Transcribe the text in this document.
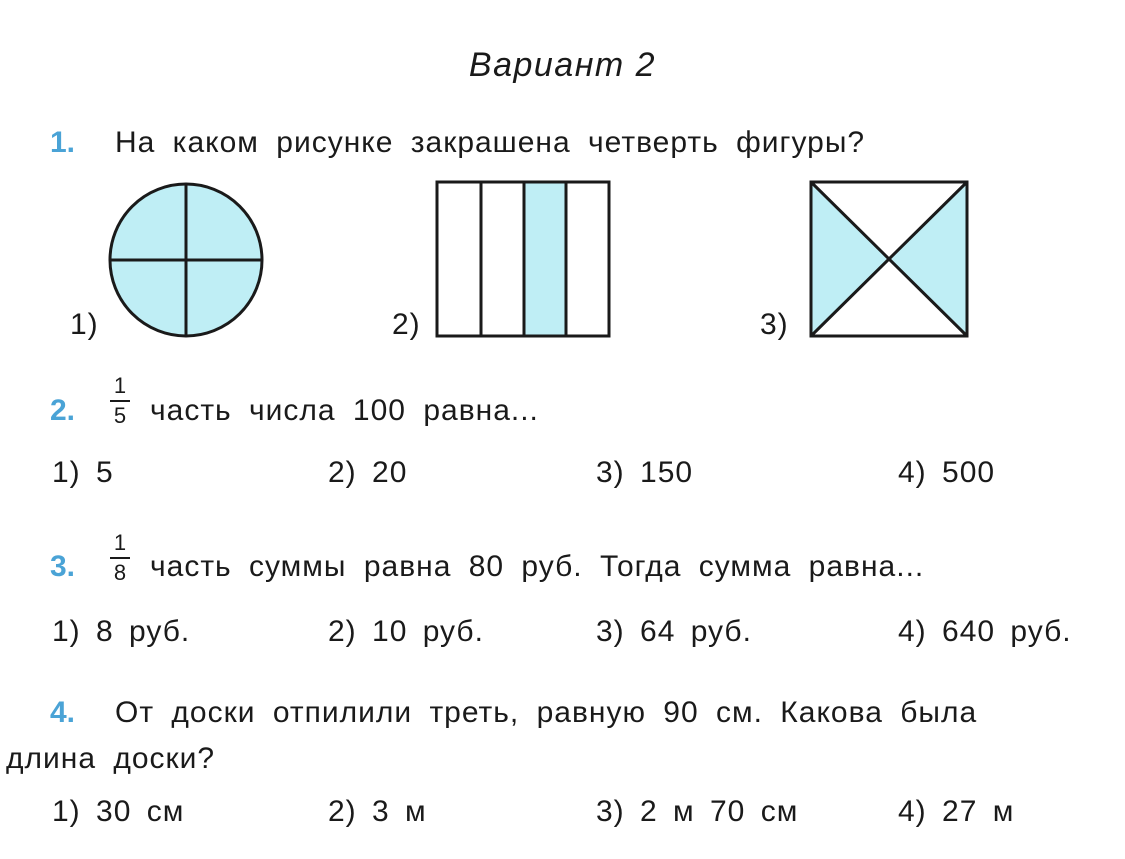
Вариант 2
1. На каком рисунке закрашена четверть фигуры?
1)	2)	3)
2.
1
5 часть числа 100 равна...
1) 5	2) 20	3) 150	4) 500
3.
1
8 часть суммы равна 80 руб. Тогда сумма равна...
1) 8 руб.	2) 10 руб.	3) 64 руб.	4) 640 руб.
4. От доски отпилили треть, равную 90 см. Какова была
длина доски?
1) 30 см	2) 3 м	3) 2 м 70 см	4) 27 м
